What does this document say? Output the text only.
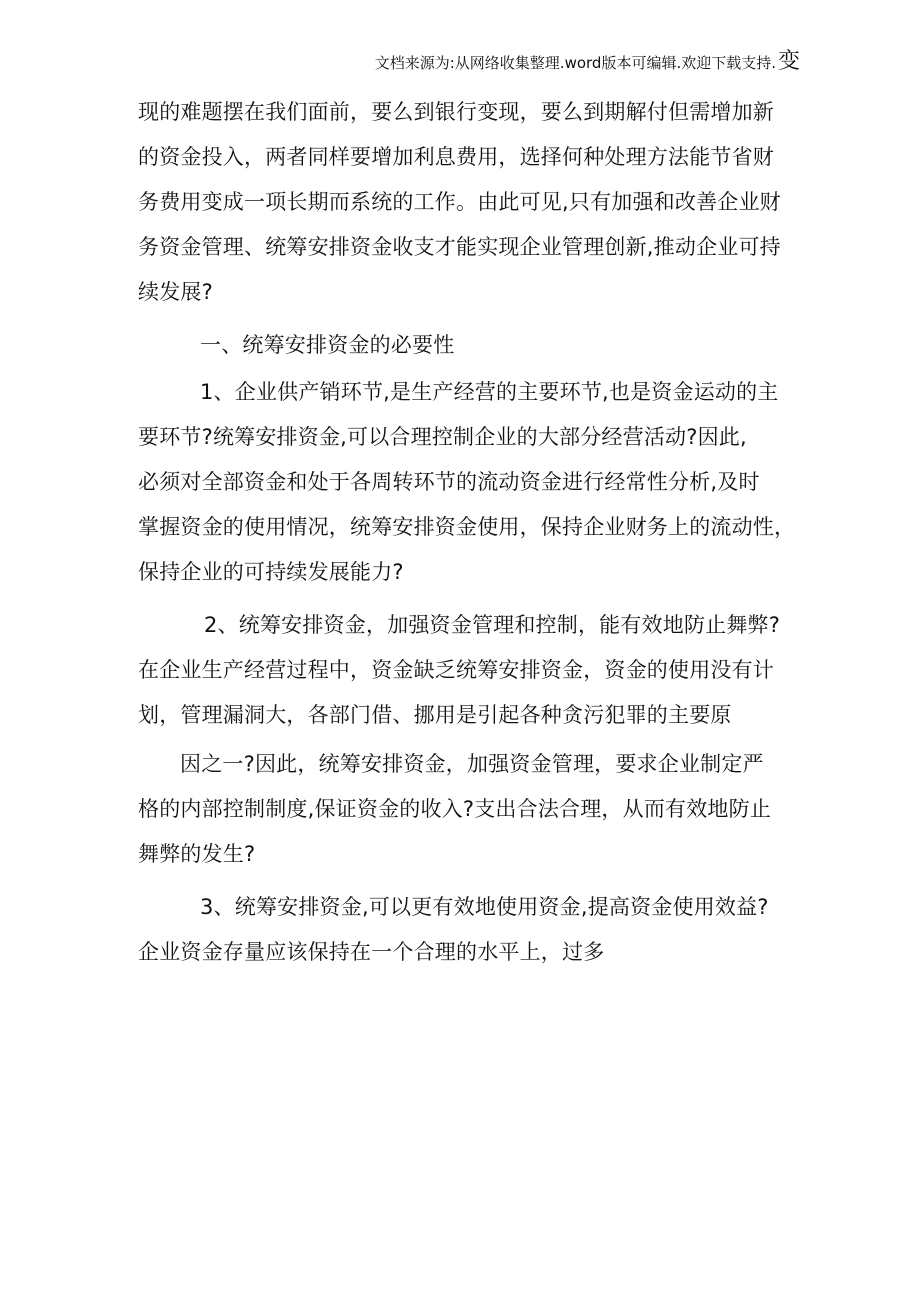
文档来源为:从网络收集整理.word版本可编辑.欢迎下载支持.变
现的难题摆在我们面前，要么到银行变现，要么到期解付但需增加新
的资金投入，两者同样要增加利息费用，选择何种处理方法能节省财
务费用变成一项长期而系统的工作。由此可见,只有加强和改善企业财
务资金管理、统筹安排资金收支才能实现企业管理创新,推动企业可持
续发展?
一、统筹安排资金的必要性
1、企业供产销环节,是生产经营的主要环节,也是资金运动的主
要环节?统筹安排资金,可以合理控制企业的大部分经营活动?因此,
必须对全部资金和处于各周转环节的流动资金进行经常性分析,及时
掌握资金的使用情况，统筹安排资金使用，保持企业财务上的流动性，
保持企业的可持续发展能力?
2、统筹安排资金，加强资金管理和控制，能有效地防止舞弊?
在企业生产经营过程中，资金缺乏统筹安排资金，资金的使用没有计
划，管理漏洞大，各部门借、挪用是引起各种贪污犯罪的主要原
因之一?因此，统筹安排资金，加强资金管理，要求企业制定严
格的内部控制制度,保证资金的收入?支出合法合理，从而有效地防止
舞弊的发生?
3、统筹安排资金,可以更有效地使用资金,提高资金使用效益?
企业资金存量应该保持在一个合理的水平上，过多
